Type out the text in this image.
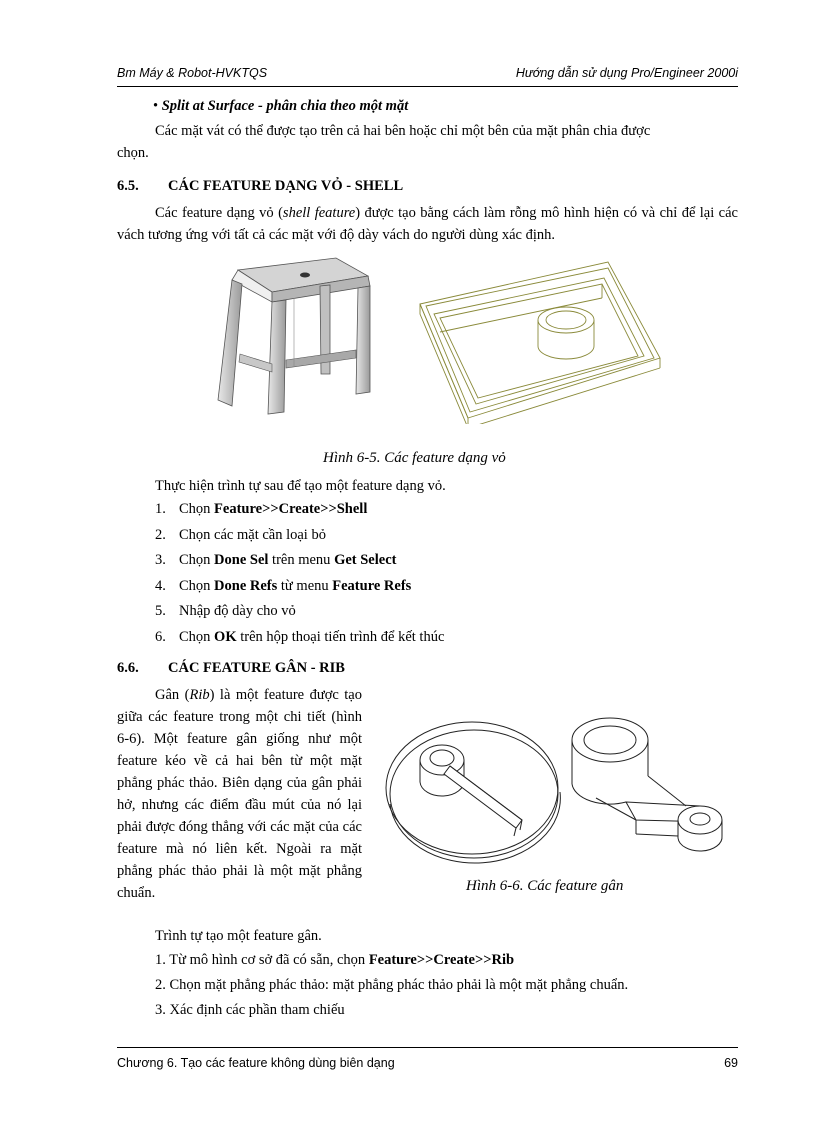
Bm Máy & Robot-HVKTQS	Hướng dẫn sử dụng Pro/Engineer 2000i
• Split at Surface - phân chia theo một mặt
Các mặt vát có thể được tạo trên cả hai bên hoặc chỉ một bên của mặt phân chia được
chọn.
6.5. CÁC FEATURE DẠNG VỎ - SHELL

Các feature dạng vỏ (shell feature) được tạo bằng cách làm rỗng mô hình hiện có và chỉ để lại các vách tương ứng với tất cả các mặt với độ dày vách do người dùng xác định.

Hình 6-5. Các feature dạng vỏ
Thực hiện trình tự sau để tạo một feature dạng vỏ.
1. Chọn Feature>>Create>>Shell
2. Chọn các mặt cần loại bỏ
3. Chọn Done Sel trên menu Get Select
4. Chọn Done Refs từ menu Feature Refs
5. Nhập độ dày cho vỏ
6. Chọn OK trên hộp thoại tiến trình để kết thúc
6.6. CÁC FEATURE GÂN - RIB

Gân (Rib) là một feature được tạo giữa các feature trong một chi tiết (hình 6-6). Một feature gân giống như một feature kéo về cả hai bên từ một mặt phẳng phác thảo. Biên dạng của gân phải hở, nhưng các điểm đầu mút của nó lại phải được đóng thẳng với các mặt của các feature mà nó liên kết. Ngoài ra mặt phẳng phác thảo phải là một mặt phẳng chuẩn.	Hình 6-6. Các feature gân
Trình tự tạo một feature gân.
1. Từ mô hình cơ sở đã có sẵn, chọn Feature>>Create>>Rib
2. Chọn mặt phẳng phác thảo: mặt phẳng phác thảo phải là một mặt phẳng chuẩn.
3. Xác định các phần tham chiếu
Chương 6. Tạo các feature không dùng biên dạng	69
